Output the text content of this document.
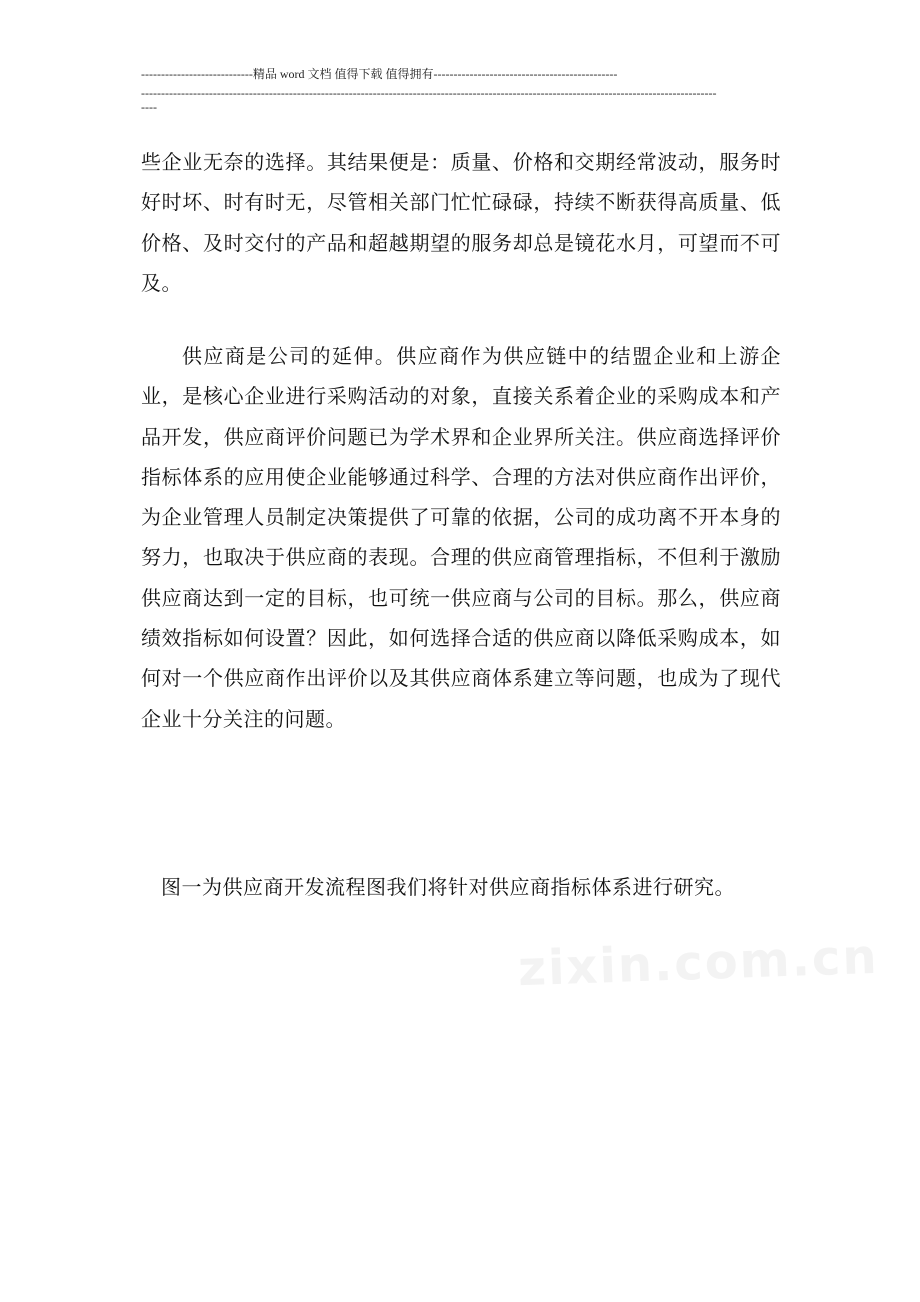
----------------------------精品 word 文档 值得下载 值得拥有----------------------------------------------
------------------------------------------------------------------------------------------------------------------------------------------------
----
zixin.com.cn

些企业无奈的选择。其结果便是：质量、价格和交期经常波动，服务时好时坏、时有时无，尽管相关部门忙忙碌碌，持续不断获得高质量、低价格、及时交付的产品和超越期望的服务却总是镜花水月，可望而不可及。

供应商是公司的延伸。供应商作为供应链中的结盟企业和上游企业，是核心企业进行采购活动的对象，直接关系着企业的采购成本和产品开发，供应商评价问题已为学术界和企业界所关注。供应商选择评价指标体系的应用使企业能够通过科学、合理的方法对供应商作出评价，为企业管理人员制定决策提供了可靠的依据，公司的成功离不开本身的努力，也取决于供应商的表现。合理的供应商管理指标，不但利于激励供应商达到一定的目标，也可统一供应商与公司的目标。那么，供应商绩效指标如何设置？因此，如何选择合适的供应商以降低采购成本，如何对一个供应商作出评价以及其供应商体系建立等问题，也成为了现代企业十分关注的问题。

图一为供应商开发流程图我们将针对供应商指标体系进行研究。
